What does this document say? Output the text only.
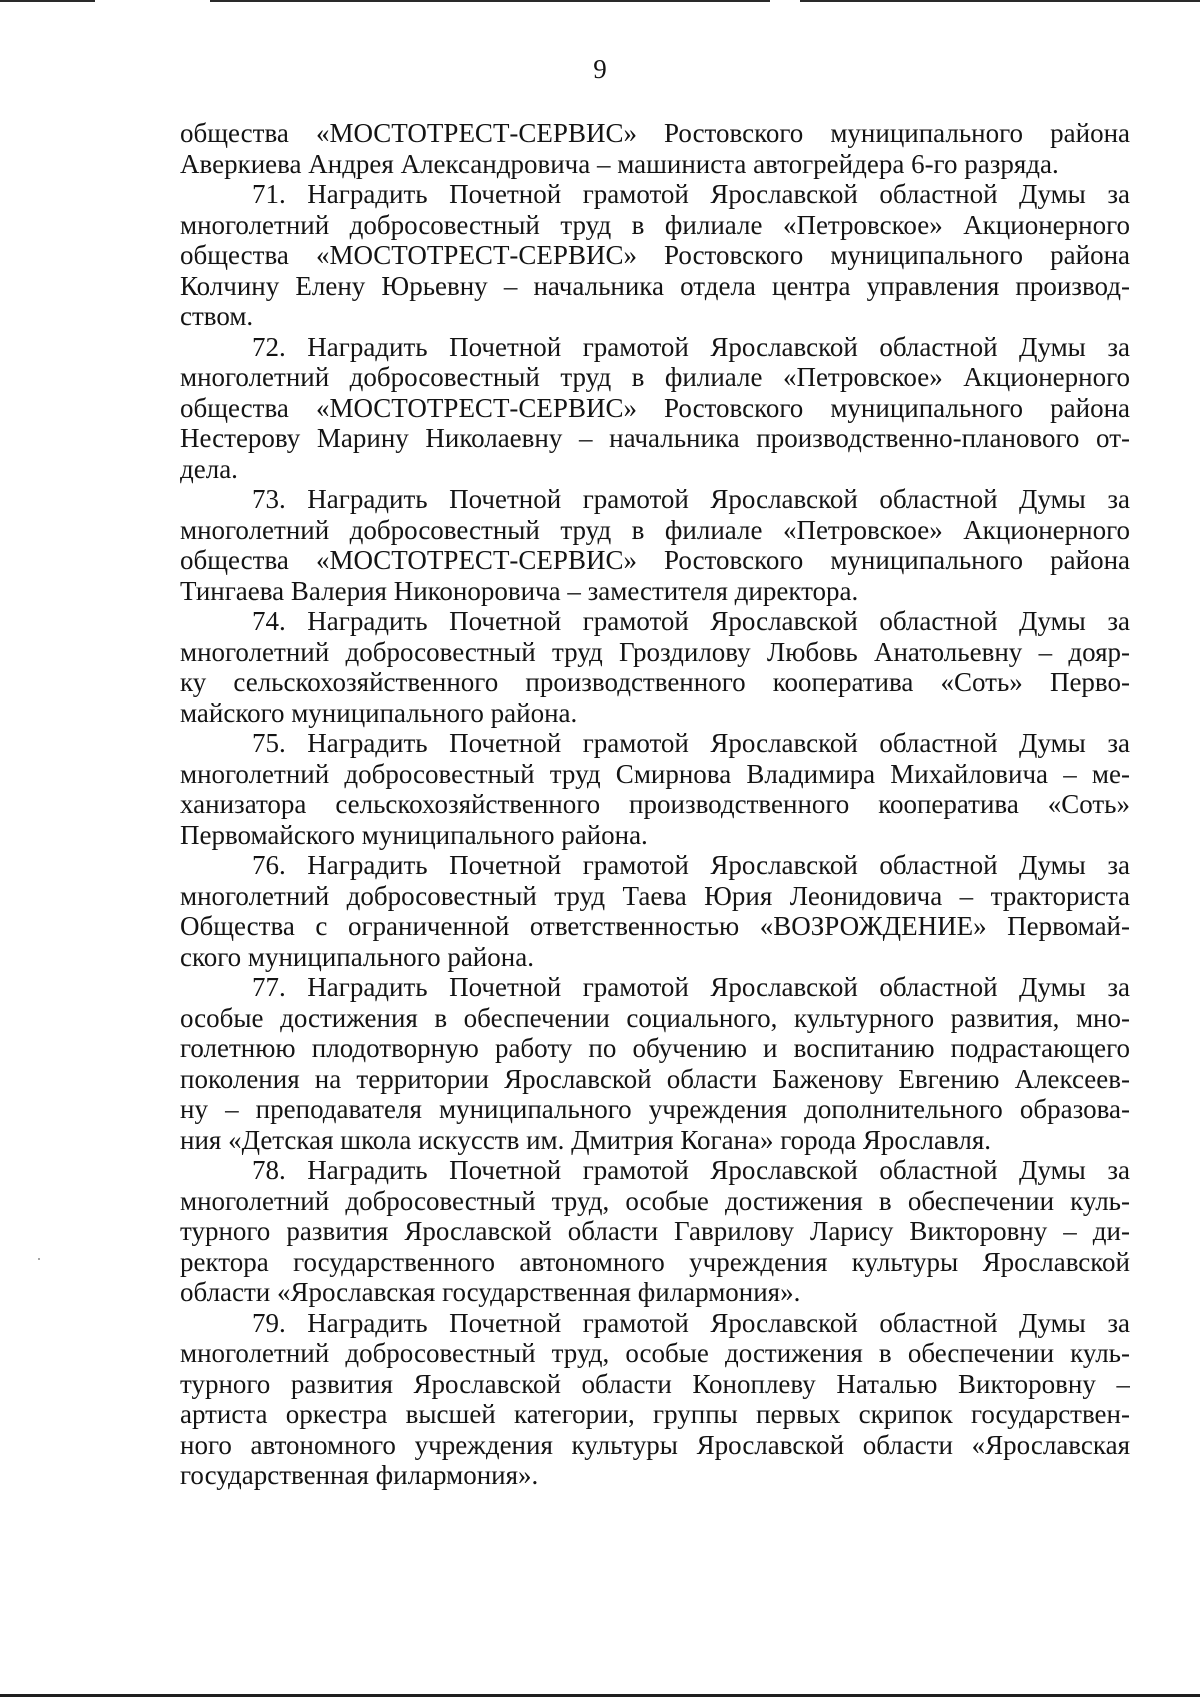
9
общества «МОСТОТРЕСТ-СЕРВИС» Ростовского муниципального района
Аверкиева Андрея Александровича – машиниста автогрейдера 6-го разряда.
71. Наградить Почетной грамотой Ярославской областной Думы за
многолетний добросовестный труд в филиале «Петровское» Акционерного
общества «МОСТОТРЕСТ-СЕРВИС» Ростовского муниципального района
Колчину Елену Юрьевну – начальника отдела центра управления производ-
ством.
72. Наградить Почетной грамотой Ярославской областной Думы за
многолетний добросовестный труд в филиале «Петровское» Акционерного
общества «МОСТОТРЕСТ-СЕРВИС» Ростовского муниципального района
Нестерову Марину Николаевну – начальника производственно-планового от-
дела.
73. Наградить Почетной грамотой Ярославской областной Думы за
многолетний добросовестный труд в филиале «Петровское» Акционерного
общества «МОСТОТРЕСТ-СЕРВИС» Ростовского муниципального района
Тингаева Валерия Никоноровича – заместителя директора.
74. Наградить Почетной грамотой Ярославской областной Думы за
многолетний добросовестный труд Гроздилову Любовь Анатольевну – дояр-
ку сельскохозяйственного производственного кооператива «Соть» Перво-
майского муниципального района.
75. Наградить Почетной грамотой Ярославской областной Думы за
многолетний добросовестный труд Смирнова Владимира Михайловича – ме-
ханизатора сельскохозяйственного производственного кооператива «Соть»
Первомайского муниципального района.
76. Наградить Почетной грамотой Ярославской областной Думы за
многолетний добросовестный труд Таева Юрия Леонидовича – тракториста
Общества с ограниченной ответственностью «ВОЗРОЖДЕНИЕ» Первомай-
ского муниципального района.
77. Наградить Почетной грамотой Ярославской областной Думы за
особые достижения в обеспечении социального, культурного развития, мно-
голетнюю плодотворную работу по обучению и воспитанию подрастающего
поколения на территории Ярославской области Баженову Евгению Алексеев-
ну – преподавателя муниципального учреждения дополнительного образова-
ния «Детская школа искусств им. Дмитрия Когана» города Ярославля.
78. Наградить Почетной грамотой Ярославской областной Думы за
многолетний добросовестный труд, особые достижения в обеспечении куль-
турного развития Ярославской области Гаврилову Ларису Викторовну – ди-
ректора государственного автономного учреждения культуры Ярославской
области «Ярославская государственная филармония».
79. Наградить Почетной грамотой Ярославской областной Думы за
многолетний добросовестный труд, особые достижения в обеспечении куль-
турного развития Ярославской области Коноплеву Наталью Викторовну –
артиста оркестра высшей категории, группы первых скрипок государствен-
ного автономного учреждения культуры Ярославской области «Ярославская
государственная филармония».
